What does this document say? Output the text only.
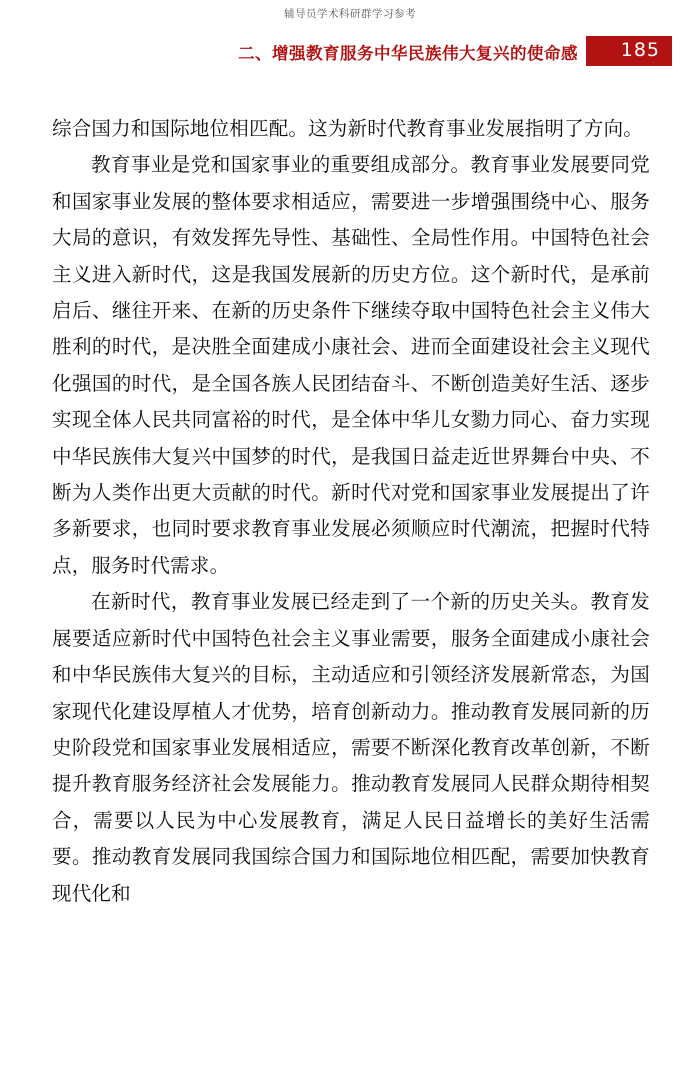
辅导员学术科研群学习参考
二、增强教育服务中华民族伟大复兴的使命感 185

综合国力和国际地位相匹配。这为新时代教育事业发展指明了方向。

教育事业是党和国家事业的重要组成部分。教育事业发展要同党和国家事业发展的整体要求相适应，需要进一步增强围绕中心、服务大局的意识，有效发挥先导性、基础性、全局性作用。中国特色社会主义进入新时代，这是我国发展新的历史方位。这个新时代，是承前启后、继往开来、在新的历史条件下继续夺取中国特色社会主义伟大胜利的时代，是决胜全面建成小康社会、进而全面建设社会主义现代化强国的时代，是全国各族人民团结奋斗、不断创造美好生活、逐步实现全体人民共同富裕的时代，是全体中华儿女勠力同心、奋力实现中华民族伟大复兴中国梦的时代，是我国日益走近世界舞台中央、不断为人类作出更大贡献的时代。新时代对党和国家事业发展提出了许多新要求，也同时要求教育事业发展必须顺应时代潮流，把握时代特点，服务时代需求。

在新时代，教育事业发展已经走到了一个新的历史关头。教育发展要适应新时代中国特色社会主义事业需要，服务全面建成小康社会和中华民族伟大复兴的目标，主动适应和引领经济发展新常态，为国家现代化建设厚植人才优势，培育创新动力。推动教育发展同新的历史阶段党和国家事业发展相适应，需要不断深化教育改革创新，不断提升教育服务经济社会发展能力。推动教育发展同人民群众期待相契合，需要以人民为中心发展教育，满足人民日益增长的美好生活需要。推动教育发展同我国综合国力和国际地位相匹配，需要加快教育现代化和
